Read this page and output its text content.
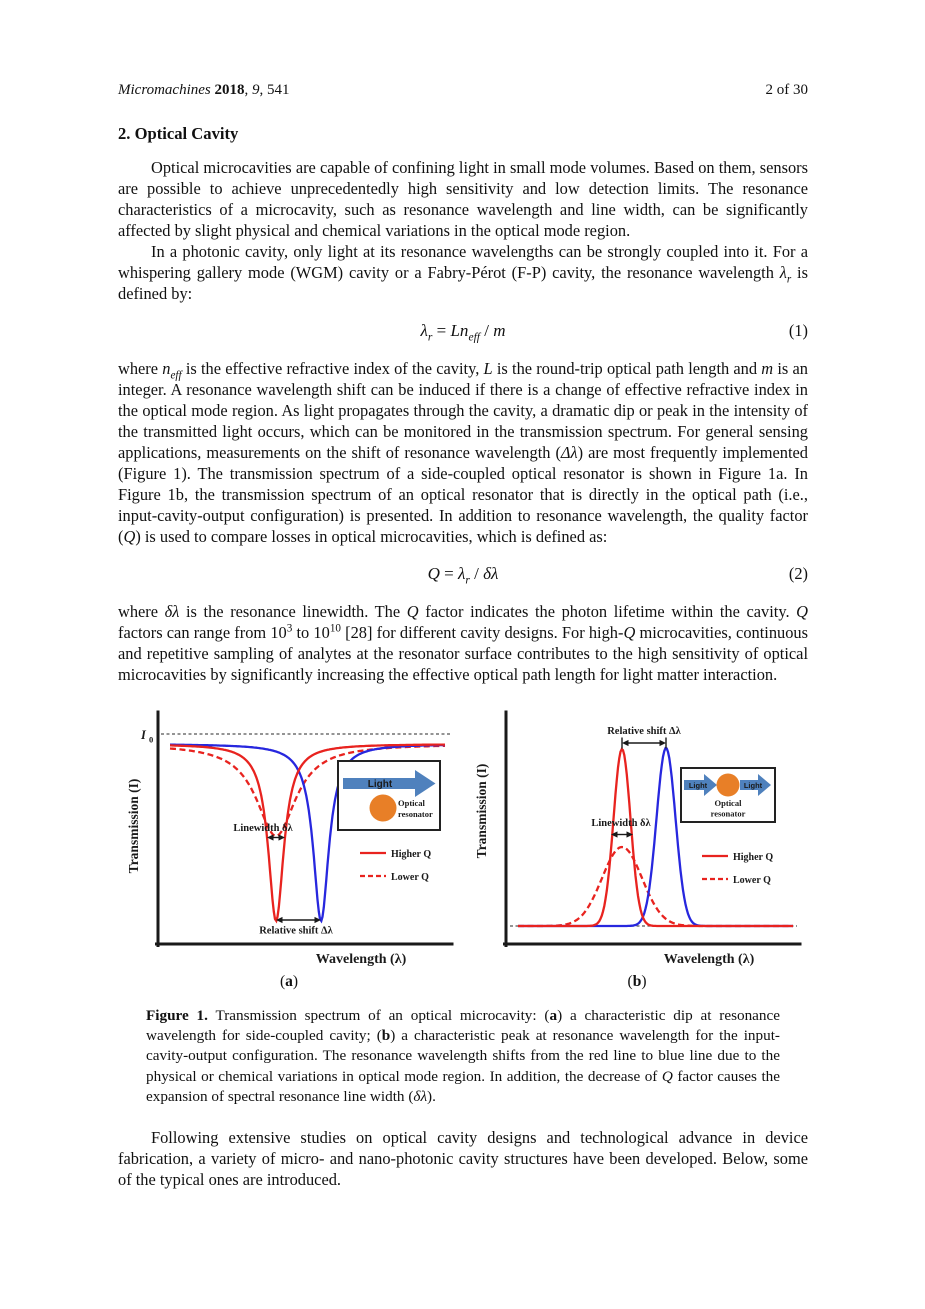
Micromachines 2018, 9, 541	2 of 30
2. Optical Cavity

Optical microcavities are capable of confining light in small mode volumes. Based on them, sensors are possible to achieve unprecedentedly high sensitivity and low detection limits. The resonance characteristics of a microcavity, such as resonance wavelength and line width, can be significantly affected by slight physical and chemical variations in the optical mode region.

In a photonic cavity, only light at its resonance wavelengths can be strongly coupled into it. For a whispering gallery mode (WGM) cavity or a Fabry-Pérot (F-P) cavity, the resonance wavelength $\lambda_r$ is defined by:

$\lambda_r = Ln_{eff} / m$	(1)

where $n_{eff}$ is the effective refractive index of the cavity, L is the round-trip optical path length and m is an integer. A resonance wavelength shift can be induced if there is a change of effective refractive index in the optical mode region. As light propagates through the cavity, a dramatic dip or peak in the intensity of the transmitted light occurs, which can be monitored in the transmission spectrum. For general sensing applications, measurements on the shift of resonance wavelength (Δλ) are most frequently implemented (Figure 1). The transmission spectrum of a side-coupled optical resonator is shown in Figure 1a. In Figure 1b, the transmission spectrum of an optical resonator that is directly in the optical path (i.e., input-cavity-output configuration) is presented. In addition to resonance wavelength, the quality factor (Q) is used to compare losses in optical microcavities, which is defined as:

$Q = \lambda_r / \delta\lambda$	(2)

where δλ is the resonance linewidth. The Q factor indicates the photon lifetime within the cavity. Q factors can range from $10^3$ to $10^{10}$ [28] for different cavity designs. For high-Q microcavities, continuous and repetitive sampling of analytes at the resonator surface contributes to the high sensitivity of optical microcavities by significantly increasing the effective optical path length for light matter interaction.

I 0
Transmission (I)	Linewidth δλ
Relative shift Δλ
Light
Optical
resonator
Higher Q
Lower Q
Wavelength (λ)
(a)
Transmission (I)
Relative shift Δλ
Linewidth δλ
Light	Light
Optical
resonator
Higher Q
Lower Q
Wavelength (λ)
(b)

Figure 1. Transmission spectrum of an optical microcavity: (a) a characteristic dip at resonance wavelength for side-coupled cavity; (b) a characteristic peak at resonance wavelength for the input-cavity-output configuration. The resonance wavelength shifts from the red line to blue line due to the physical or chemical variations in optical mode region. In addition, the decrease of Q factor causes the expansion of spectral resonance line width (δλ).

Following extensive studies on optical cavity designs and technological advance in device fabrication, a variety of micro- and nano-photonic cavity structures have been developed. Below, some of the typical ones are introduced.
